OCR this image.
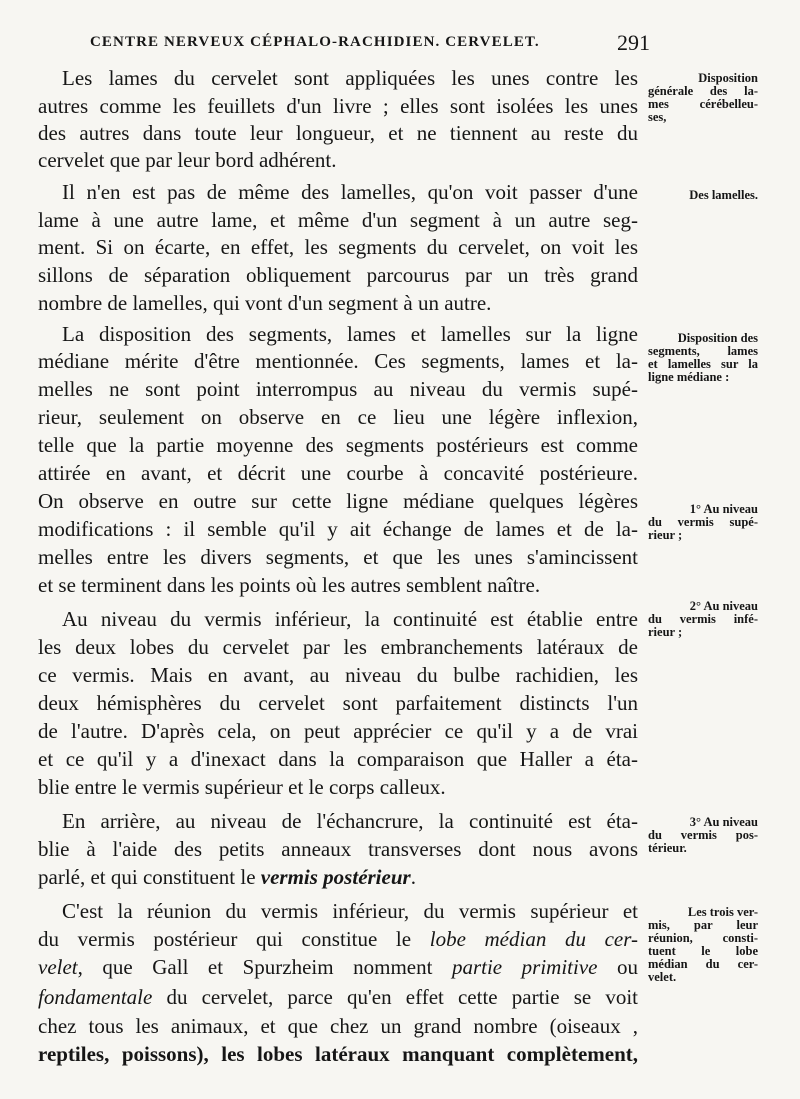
CENTRE NERVEUX CÉPHALO-RACHIDIEN. CERVELET.	291
Les lames du cervelet sont appliquées les unes contre les
autres comme les feuillets d'un livre ; elles sont isolées les unes
des autres dans toute leur longueur, et ne tiennent au reste du
cervelet que par leur bord adhérent.
Il n'en est pas de même des lamelles, qu'on voit passer d'une
lame à une autre lame, et même d'un segment à un autre seg-
ment. Si on écarte, en effet, les segments du cervelet, on voit les
sillons de séparation obliquement parcourus par un très grand
nombre de lamelles, qui vont d'un segment à un autre.
La disposition des segments, lames et lamelles sur la ligne
médiane mérite d'être mentionnée. Ces segments, lames et la-
melles ne sont point interrompus au niveau du vermis supé-
rieur, seulement on observe en ce lieu une légère inflexion,
telle que la partie moyenne des segments postérieurs est comme
attirée en avant, et décrit une courbe à concavité postérieure.
On observe en outre sur cette ligne médiane quelques légères
modifications : il semble qu'il y ait échange de lames et de la-
melles entre les divers segments, et que les unes s'amincissent
et se terminent dans les points où les autres semblent naître.
Au niveau du vermis inférieur, la continuité est établie entre
les deux lobes du cervelet par les embranchements latéraux de
ce vermis. Mais en avant, au niveau du bulbe rachidien, les
deux hémisphères du cervelet sont parfaitement distincts l'un
de l'autre. D'après cela, on peut apprécier ce qu'il y a de vrai
et ce qu'il y a d'inexact dans la comparaison que Haller a éta-
blie entre le vermis supérieur et le corps calleux.
En arrière, au niveau de l'échancrure, la continuité est éta-
blie à l'aide des petits anneaux transverses dont nous avons
parlé, et qui constituent le vermis postérieur.
C'est la réunion du vermis inférieur, du vermis supérieur et
du vermis postérieur qui constitue le lobe médian du cer-
velet, que Gall et Spurzheim nomment partie primitive ou
fondamentale du cervelet, parce qu'en effet cette partie se voit
chez tous les animaux, et que chez un grand nombre (oiseaux ,
reptiles, poissons), les lobes latéraux manquant complètement,
Disposition
générale des la-
mes cérébelleu-
ses,
Des lamelles.
Disposition des
segments, lames
et lamelles sur la
ligne médiane :
1° Au niveau
du vermis supé-
rieur ;
2° Au niveau
du vermis infé-
rieur ;
3° Au niveau
du vermis pos-
térieur.
Les trois ver-
mis, par leur
réunion, consti-
tuent le lobe
médian du cer-
velet.
